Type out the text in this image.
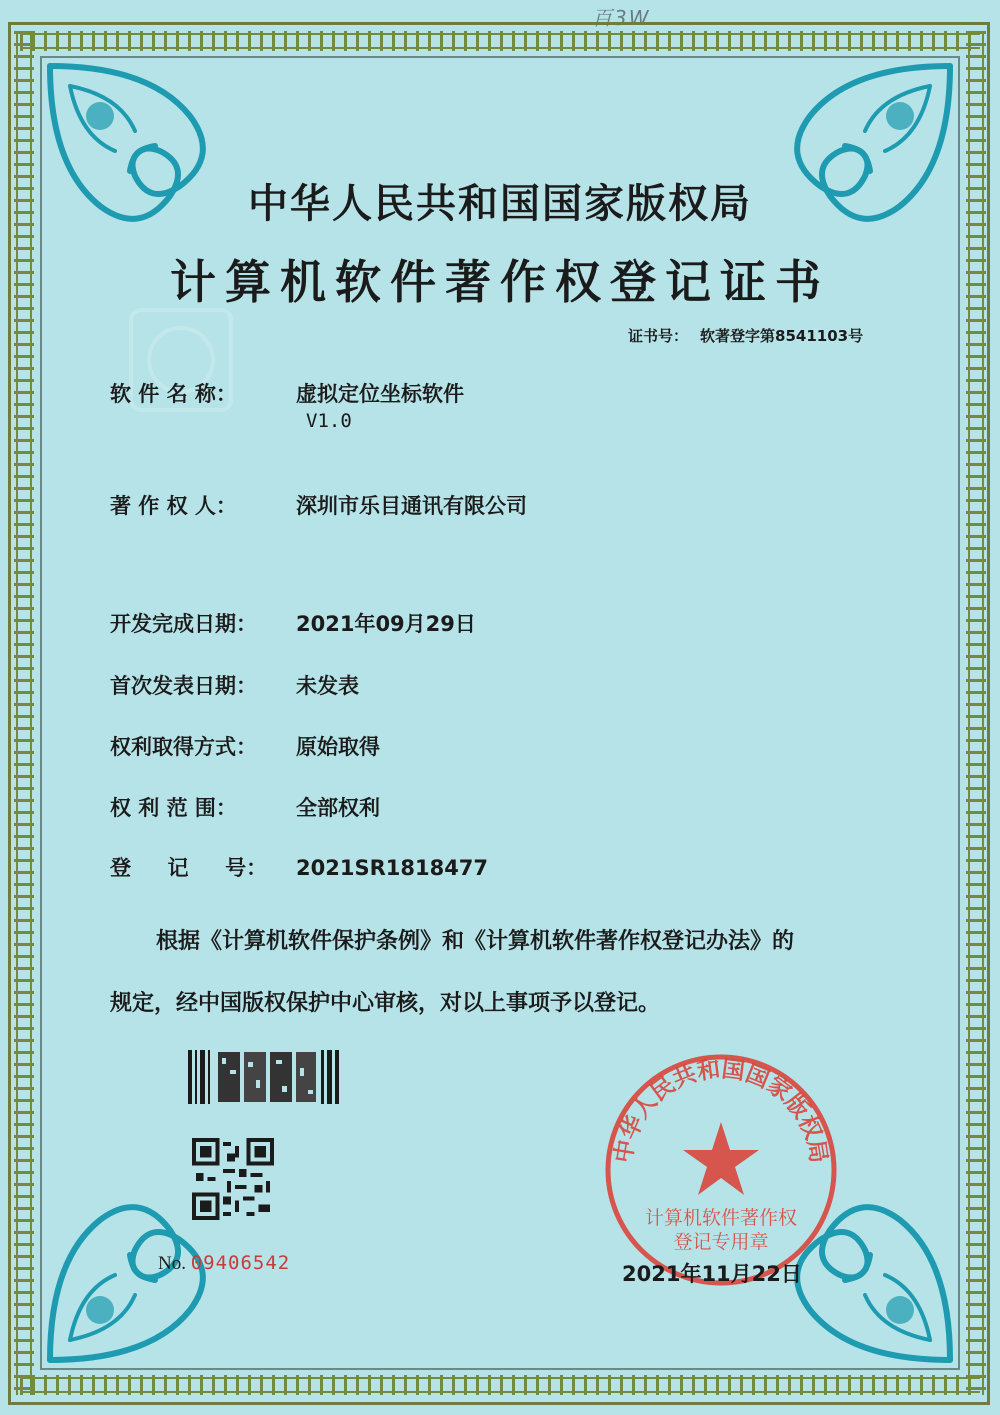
百3W
中华人民共和国国家版权局
计算机软件著作权登记证书
证书号： 软著登字第8541103号
软 件 名 称：	虚拟定位坐标软件
V1.0
著 作 权 人：	深圳市乐目通讯有限公司
开发完成日期： 2021年09月29日
首次发表日期： 未发表
权利取得方式： 原始取得
权 利 范 围：	全部权利
登     记     号： 2021SR1818477
根据《计算机软件保护条例》和《计算机软件著作权登记办法》的
规定，经中国版权保护中心审核，对以上事项予以登记。
No. 09406542
中华人民共和国国家版权局
计算机软件著作权
登记专用章
2021年11月22日
